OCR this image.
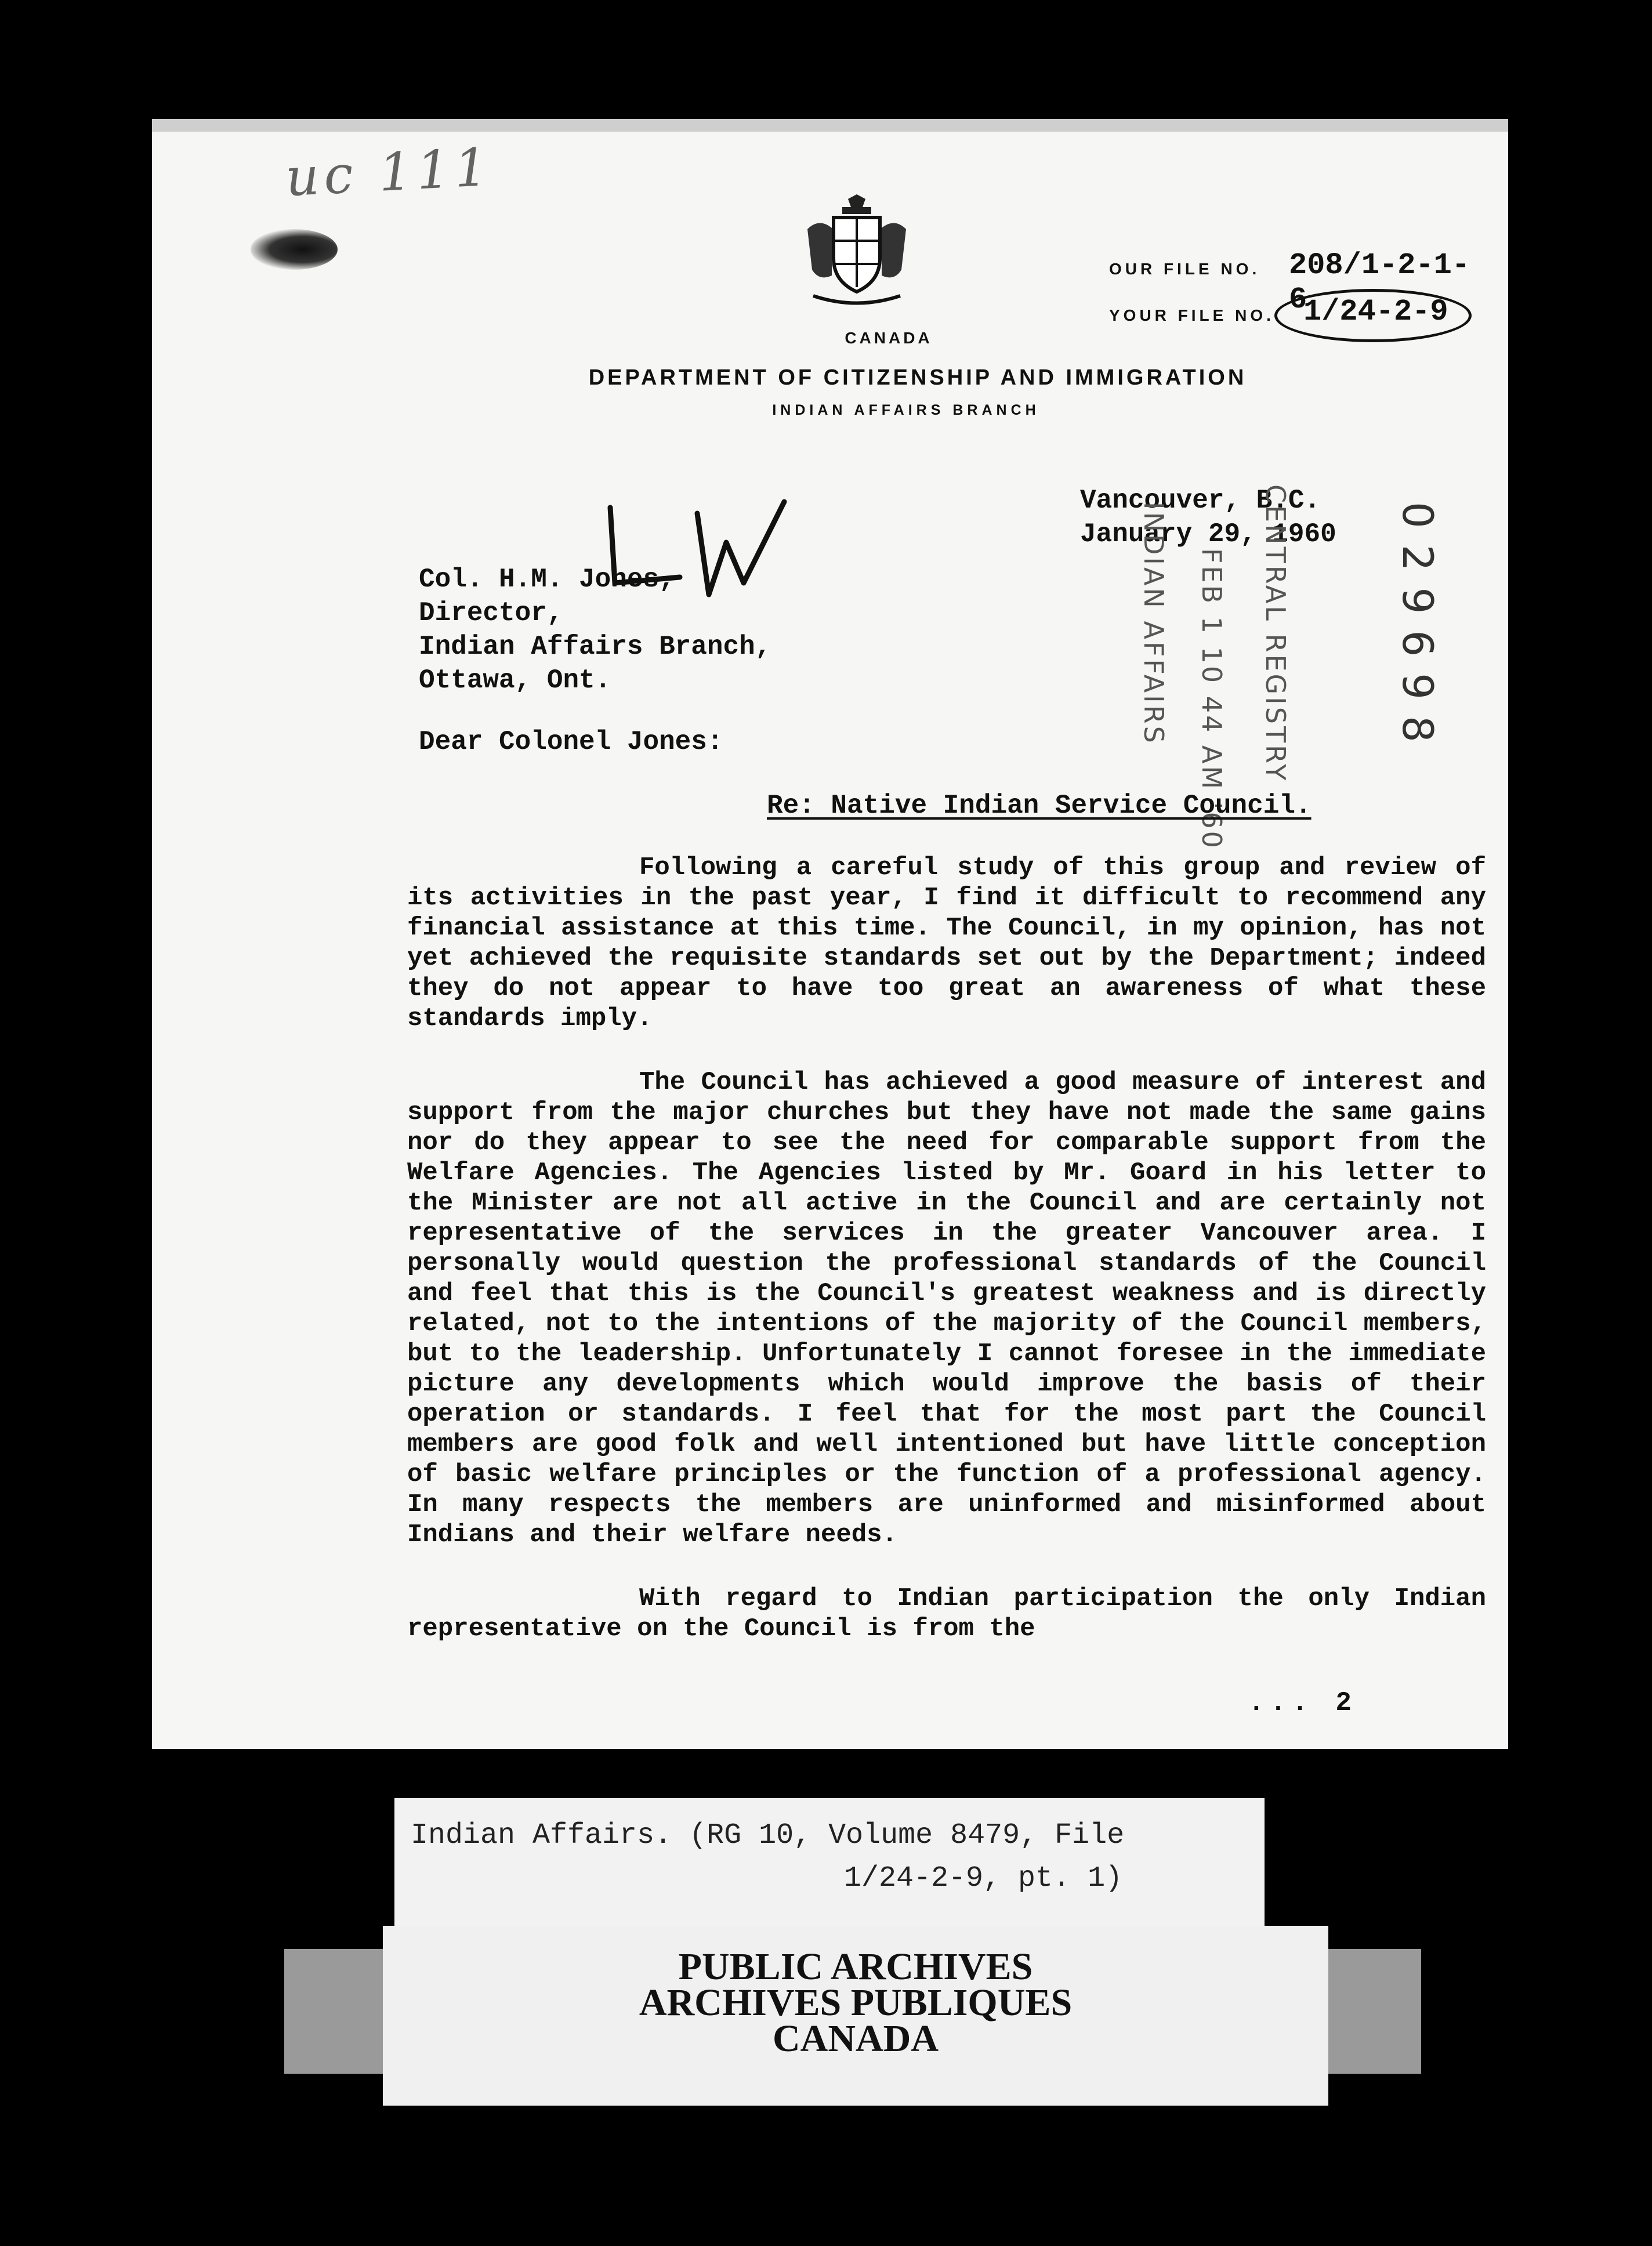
uc 111
OUR FILE NO. 208/1-2-1-6
YOUR FILE NO. 1/24-2-9
CANADA
DEPARTMENT OF CITIZENSHIP AND IMMIGRATION
INDIAN AFFAIRS BRANCH
Vancouver, B.C.
January 29, 1960
CENTRAL REGISTRY
FEB 1 10 44 AM '60
INDIAN AFFAIRS	029698
Col. H.M. Jones,
Director,
Indian Affairs Branch,
Ottawa, Ont.
Dear Colonel Jones:
Re: Native Indian Service Council.

Following a careful study of this group and review of its activities in the past year, I find it difficult to recommend any financial assistance at this time. The Council, in my opinion, has not yet achieved the requisite standards set out by the Department; indeed they do not appear to have too great an awareness of what these standards imply.

The Council has achieved a good measure of interest and support from the major churches but they have not made the same gains nor do they appear to see the need for comparable support from the Welfare Agencies. The Agencies listed by Mr. Goard in his letter to the Minister are not all active in the Council and are certainly not representative of the services in the greater Vancouver area. I personally would question the professional standards of the Council and feel that this is the Council's greatest weakness and is directly related, not to the intentions of the majority of the Council members, but to the leadership. Unfortunately I cannot foresee in the immediate picture any developments which would improve the basis of their operation or standards. I feel that for the most part the Council members are good folk and well intentioned but have little conception of basic welfare principles or the function of a professional agency. In many respects the members are uninformed and misinformed about Indians and their welfare needs.

With regard to Indian participation the only Indian representative on the Council is from the

... 2
Indian Affairs. (RG 10, Volume 8479, File
1/24-2-9, pt. 1)
PUBLIC ARCHIVES
ARCHIVES PUBLIQUES
CANADA
